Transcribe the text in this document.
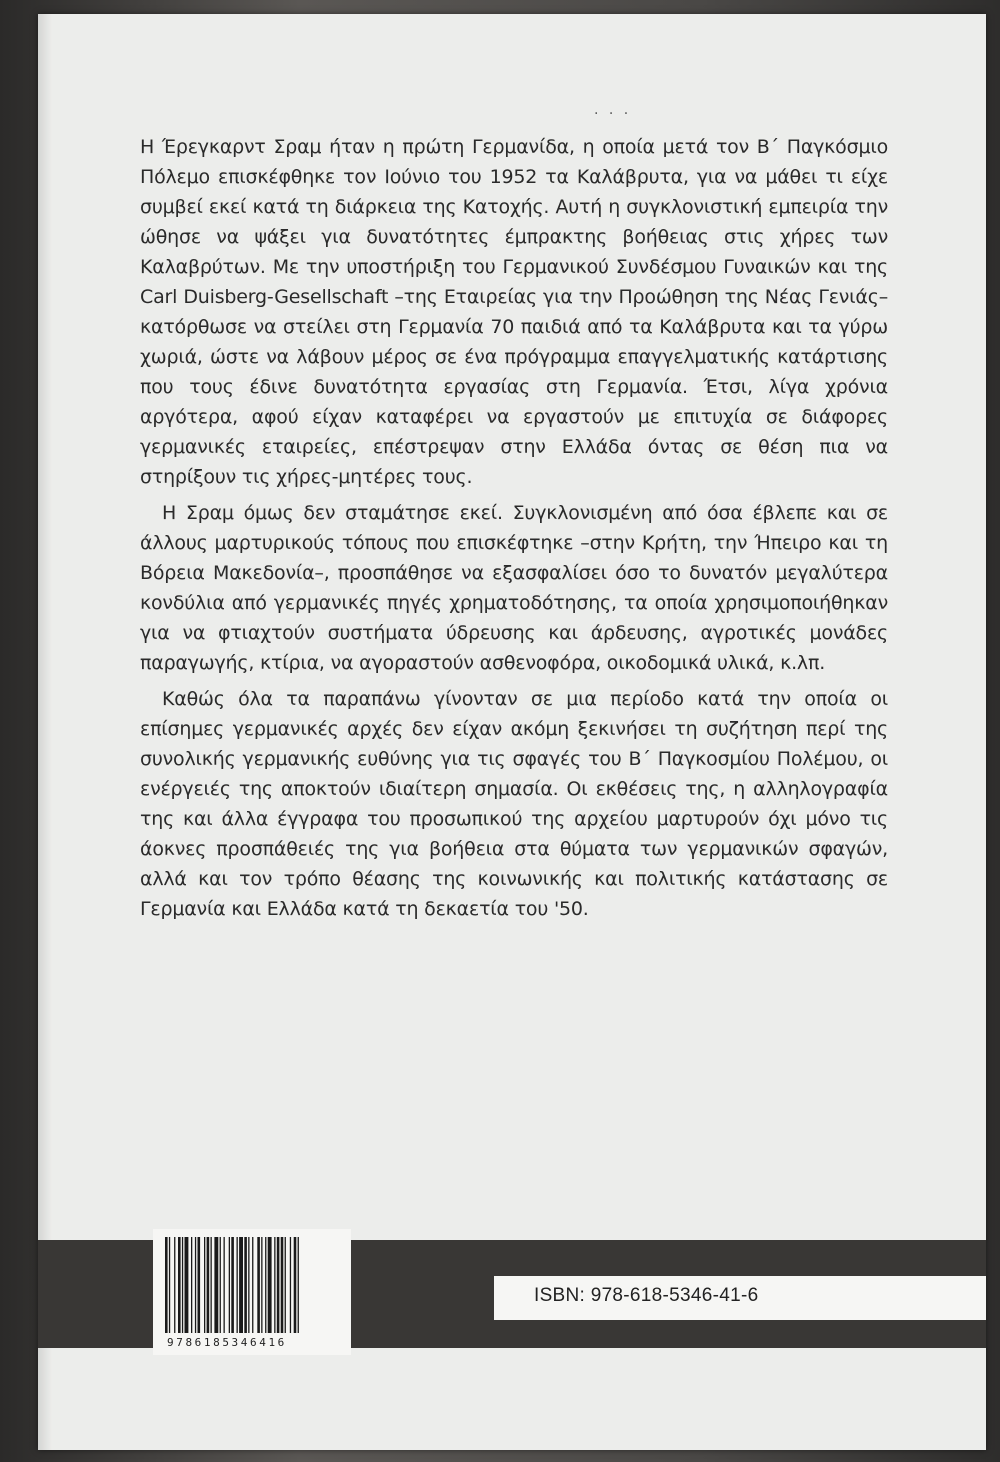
· · ·

Η Έρεγκαρντ Σραμ ήταν η πρώτη Γερμανίδα, η οποία μετά τον Β΄ Παγκόσμιο Πόλεμο επισκέφθηκε τον Ιούνιο του 1952 τα Καλάβρυτα, για να μάθει τι είχε συμβεί εκεί κατά τη διάρκεια της Κατοχής. Αυτή η συγκλονιστική εμπειρία την ώθησε να ψάξει για δυνατότητες έμπρακτης βοήθειας στις χήρες των Καλαβρύτων. Με την υποστήριξη του Γερμανικού Συνδέσμου Γυναικών και της Carl Duisberg-Gesellschaft –της Εταιρείας για την Προώθηση της Νέας Γενιάς– κατόρθωσε να στείλει στη Γερμανία 70 παιδιά από τα Καλάβρυτα και τα γύρω χωριά, ώστε να λάβουν μέρος σε ένα πρόγραμμα επαγγελματικής κατάρτισης που τους έδινε δυνατότητα εργασίας στη Γερμανία. Έτσι, λίγα χρόνια αργότερα, αφού είχαν καταφέρει να εργαστούν με επιτυχία σε διάφορες γερμανικές εταιρείες, επέστρεψαν στην Ελλάδα όντας σε θέση πια να στηρίξουν τις χήρες-μητέρες τους.

Η Σραμ όμως δεν σταμάτησε εκεί. Συγκλονισμένη από όσα έβλεπε και σε άλλους μαρτυρικούς τόπους που επισκέφτηκε –στην Κρήτη, την Ήπειρο και τη Βόρεια Μακεδονία–, προσπάθησε να εξασφαλίσει όσο το δυνατόν μεγαλύτερα κονδύλια από γερμανικές πηγές χρηματοδότησης, τα οποία χρησιμοποιήθηκαν για να φτιαχτούν συστήματα ύδρευσης και άρδευσης, αγροτικές μονάδες παραγωγής, κτίρια, να αγοραστούν ασθενοφόρα, οικοδομικά υλικά, κ.λπ.

Καθώς όλα τα παραπάνω γίνονταν σε μια περίοδο κατά την οποία οι επίσημες γερμανικές αρχές δεν είχαν ακόμη ξεκινήσει τη συζήτηση περί της συνολικής γερμανικής ευθύνης για τις σφαγές του Β΄ Παγκοσμίου Πολέμου, οι ενέργειές της αποκτούν ιδιαίτερη σημασία. Οι εκθέσεις της, η αλληλογραφία της και άλλα έγγραφα του προσωπικού της αρχείου μαρτυρούν όχι μόνο τις άοκνες προσπάθειές της για βοήθεια στα θύματα των γερμανικών σφαγών, αλλά και τον τρόπο θέασης της κοινωνικής και πολιτικής κατάστασης σε Γερμανία και Ελλάδα κατά τη δεκαετία του '50.

9786185346416
ISBN: 978-618-5346-41-6
